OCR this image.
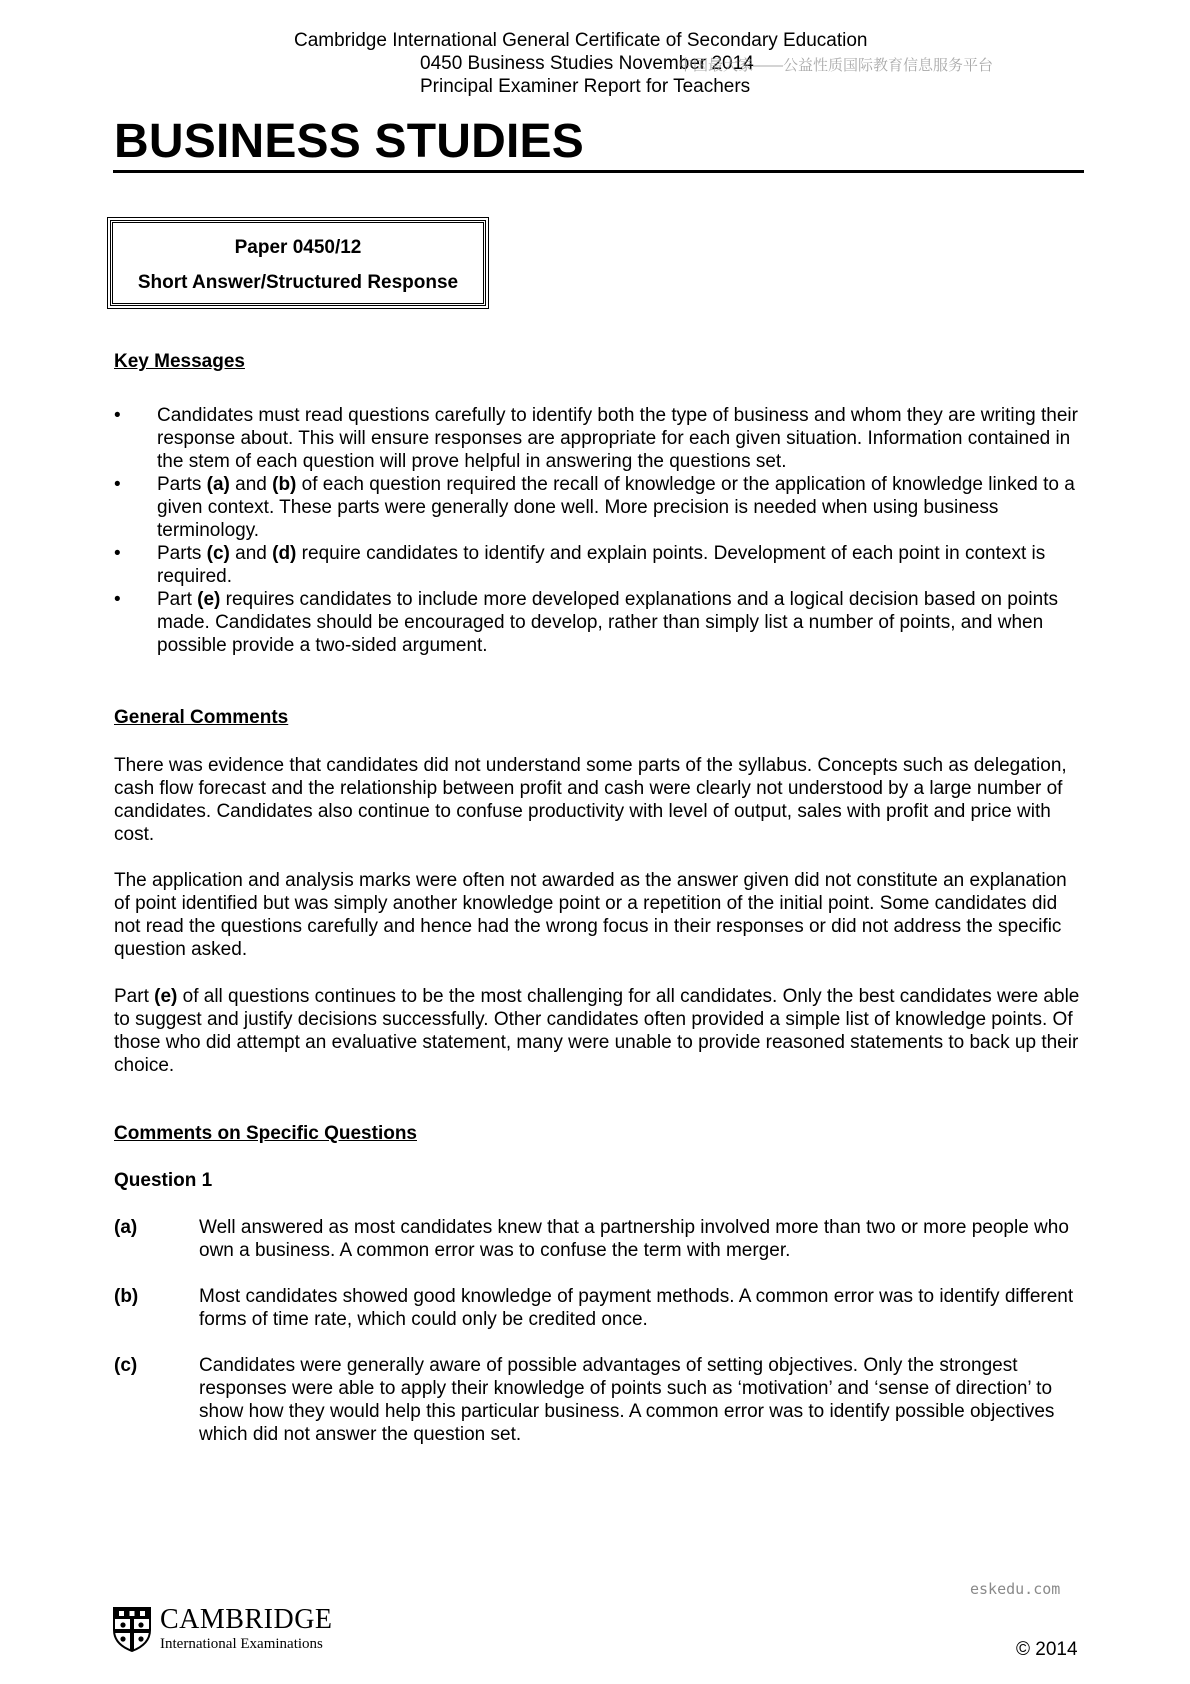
Cambridge International General Certificate of Secondary Education
0450 Business Studies November 2014
Principal Examiner Report for Teachers
中国最大家——公益性质国际教育信息服务平台
BUSINESS STUDIES
Paper 0450/12
Short Answer/Structured Response
Key Messages
• Candidates must read questions carefully to identify both the type of business and whom they are writing their response about. This will ensure responses are appropriate for each given situation. Information contained in the stem of each question will prove helpful in answering the questions set.
• Parts (a) and (b) of each question required the recall of knowledge or the application of knowledge linked to a given context. These parts were generally done well. More precision is needed when using business terminology.
• Parts (c) and (d) require candidates to identify and explain points. Development of each point in context is required.
• Part (e) requires candidates to include more developed explanations and a logical decision based on points made. Candidates should be encouraged to develop, rather than simply list a number of points, and when possible provide a two-sided argument.
General Comments
There was evidence that candidates did not understand some parts of the syllabus. Concepts such as delegation, cash flow forecast and the relationship between profit and cash were clearly not understood by a large number of candidates. Candidates also continue to confuse productivity with level of output, sales with profit and price with cost.
The application and analysis marks were often not awarded as the answer given did not constitute an explanation of point identified but was simply another knowledge point or a repetition of the initial point. Some candidates did not read the questions carefully and hence had the wrong focus in their responses or did not address the specific question asked.
Part (e) of all questions continues to be the most challenging for all candidates. Only the best candidates were able to suggest and justify decisions successfully. Other candidates often provided a simple list of knowledge points. Of those who did attempt an evaluative statement, many were unable to provide reasoned statements to back up their choice.
Comments on Specific Questions
Question 1
(a)	Well answered as most candidates knew that a partnership involved more than two or more people who own a business. A common error was to confuse the term with merger.
(b)	Most candidates showed good knowledge of payment methods. A common error was to identify different forms of time rate, which could only be credited once.
(c)	Candidates were generally aware of possible advantages of setting objectives. Only the strongest responses were able to apply their knowledge of points such as ‘motivation’ and ‘sense of direction’ to show how they would help this particular business. A common error was to identify possible objectives which did not answer the question set.
eskedu.com
CAMBRIDGE
International Examinations	© 2014
